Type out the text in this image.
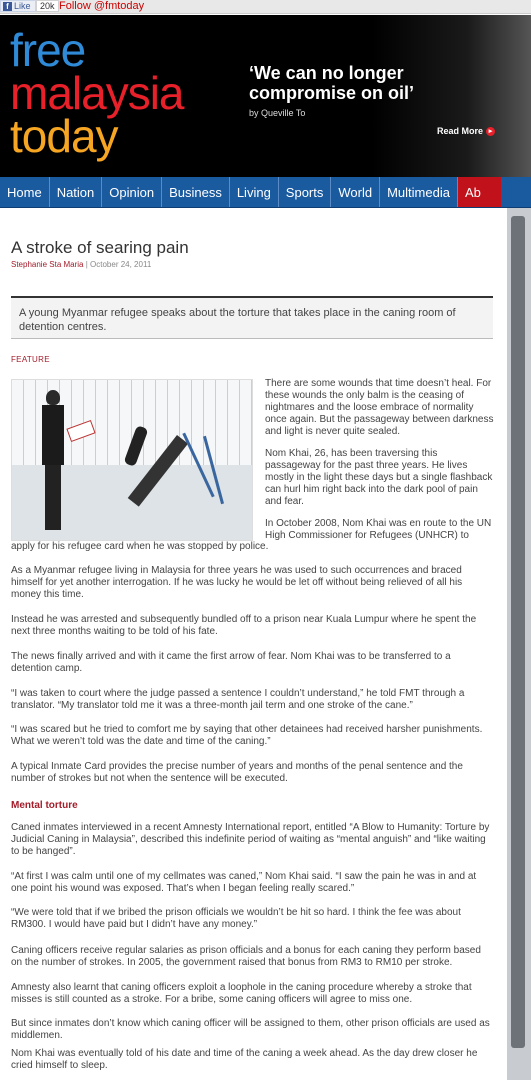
f Like	20k Follow @fmtoday
free
malaysia
today
‘We can no longer compromise on oil’
by Queville To
Read More ▸
Home	Nation	Opinion	Business	Living	Sports	World	Multimedia	Ab
A stroke of searing pain
Stephanie Sta Maria | October 24, 2011
A young Myanmar refugee speaks about the torture that takes place in the caning room of detention centres.
FEATURE

There are some wounds that time doesn’t heal. For these wounds the only balm is the ceasing of nightmares and the loose embrace of normality once again. But the passageway between darkness and light is never quite sealed.

Nom Khai, 26, has been traversing this passageway for the past three years. He lives mostly in the light these days but a single flashback can hurl him right back into the dark pool of pain and fear.

In October 2008, Nom Khai was en route to the UN High Commissioner for Refugees (UNHCR) to

apply for his refugee card when he was stopped by police.
As a Myanmar refugee living in Malaysia for three years he was used to such occurrences and braced himself for yet another interrogation. If he was lucky he would be let off without being relieved of all his money this time.
Instead he was arrested and subsequently bundled off to a prison near Kuala Lumpur where he spent the next three months waiting to be told of his fate.
The news finally arrived and with it came the first arrow of fear. Nom Khai was to be transferred to a detention camp.
“I was taken to court where the judge passed a sentence I couldn’t understand,” he told FMT through a translator. “My translator told me it was a three-month jail term and one stroke of the cane.”
“I was scared but he tried to comfort me by saying that other detainees had received harsher punishments. What we weren’t told was the date and time of the caning.”
A typical Inmate Card provides the precise number of years and months of the penal sentence and the number of strokes but not when the sentence will be executed.
Mental torture
Caned inmates interviewed in a recent Amnesty International report, entitled “A Blow to Humanity: Torture by Judicial Caning in Malaysia”, described this indefinite period of waiting as “mental anguish” and “like waiting to be hanged”.
“At first I was calm until one of my cellmates was caned,” Nom Khai said. “I saw the pain he was in and at one point his wound was exposed. That’s when I began feeling really scared.”
“We were told that if we bribed the prison officials we wouldn’t be hit so hard. I think the fee was about RM300. I would have paid but I didn’t have any money.”
Caning officers receive regular salaries as prison officials and a bonus for each caning they perform based on the number of strokes. In 2005, the government raised that bonus from RM3 to RM10 per stroke.
Amnesty also learnt that caning officers exploit a loophole in the caning procedure whereby a stroke that misses is still counted as a stroke. For a bribe, some caning officers will agree to miss one.
But since inmates don’t know which caning officer will be assigned to them, other prison officials are used as middlemen.
Nom Khai was eventually told of his date and time of the caning a week ahead. As the day drew closer he cried himself to sleep.
